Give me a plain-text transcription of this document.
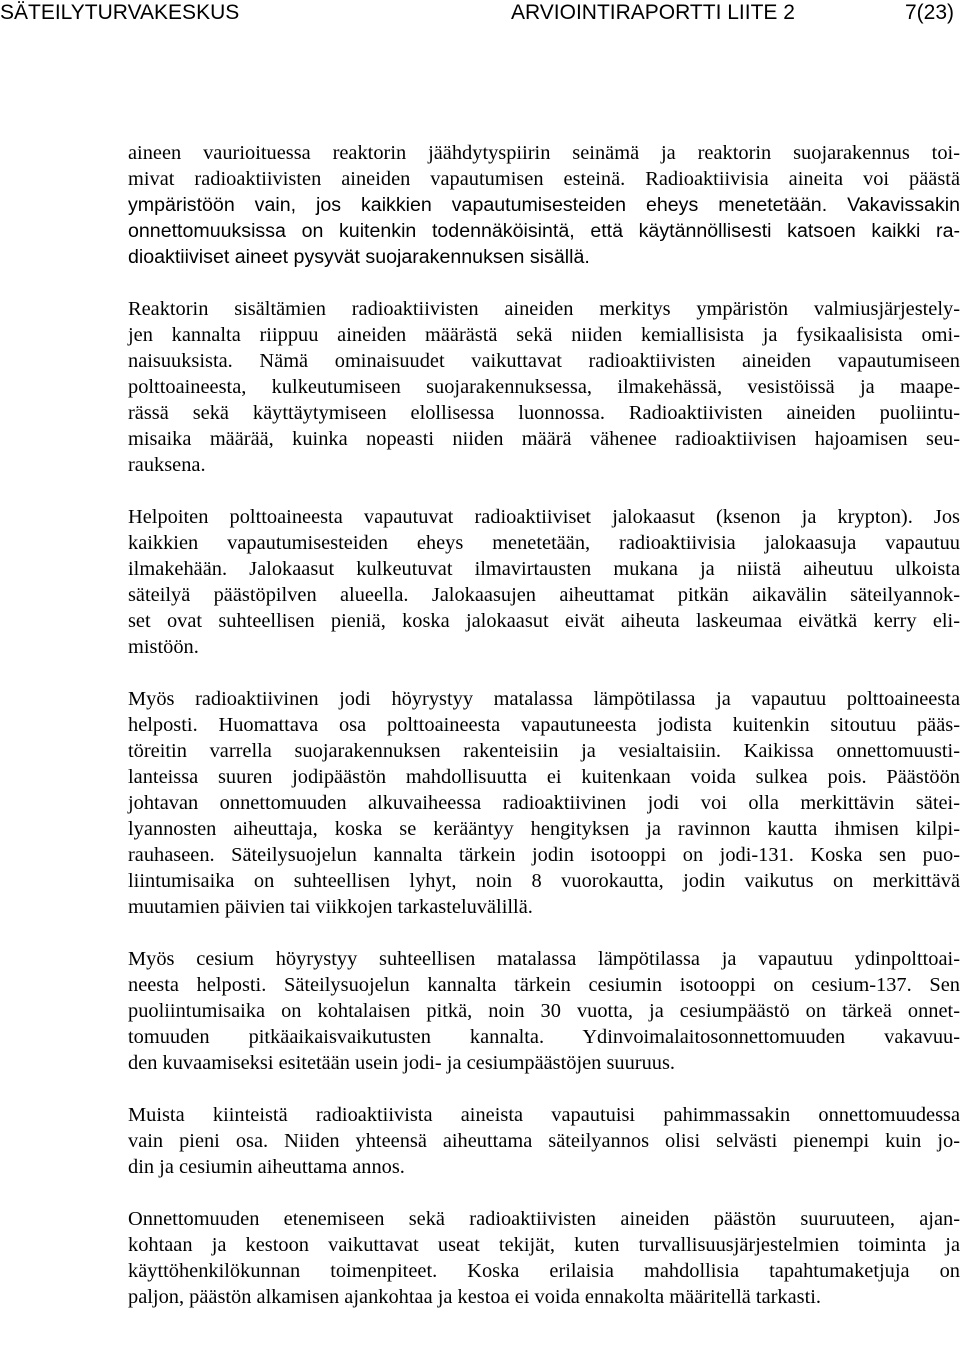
SÄTEILYTURVAKESKUS	ARVIOINTIRAPORTTI LIITE 2	7(23)
aineen vaurioituessa reaktorin jäähdytyspiirin seinämä ja reaktorin suojarakennus toi-
mivat radioaktiivisten aineiden vapautumisen esteinä. Radioaktiivisia aineita voi päästä
ympäristöön vain, jos kaikkien vapautumisesteiden eheys menetetään. Vakavissakin
onnettomuuksissa on kuitenkin todennäköisintä, että käytännöllisesti katsoen kaikki ra-
dioaktiiviset aineet pysyvät suojarakennuksen sisällä.
Reaktorin sisältämien radioaktiivisten aineiden merkitys ympäristön valmiusjärjestely-
jen kannalta riippuu aineiden määrästä sekä niiden kemiallisista ja fysikaalisista omi-
naisuuksista. Nämä ominaisuudet vaikuttavat radioaktiivisten aineiden vapautumiseen
polttoaineesta, kulkeutumiseen suojarakennuksessa, ilmakehässä, vesistöissä ja maape-
rässä sekä käyttäytymiseen elollisessa luonnossa. Radioaktiivisten aineiden puoliintu-
misaika määrää, kuinka nopeasti niiden määrä vähenee radioaktiivisen hajoamisen seu-
rauksena.
Helpoiten polttoaineesta vapautuvat radioaktiiviset jalokaasut (ksenon ja krypton). Jos
kaikkien vapautumisesteiden eheys menetetään, radioaktiivisia jalokaasuja vapautuu
ilmakehään. Jalokaasut kulkeutuvat ilmavirtausten mukana ja niistä aiheutuu ulkoista
säteilyä päästöpilven alueella. Jalokaasujen aiheuttamat pitkän aikavälin säteilyannok-
set ovat suhteellisen pieniä, koska jalokaasut eivät aiheuta laskeumaa eivätkä kerry eli-
mistöön.
Myös radioaktiivinen jodi höyrystyy matalassa lämpötilassa ja vapautuu polttoaineesta
helposti. Huomattava osa polttoaineesta vapautuneesta jodista kuitenkin sitoutuu pääs-
töreitin varrella suojarakennuksen rakenteisiin ja vesialtaisiin. Kaikissa onnettomuusti-
lanteissa suuren jodipäästön mahdollisuutta ei kuitenkaan voida sulkea pois. Päästöön
johtavan onnettomuuden alkuvaiheessa radioaktiivinen jodi voi olla merkittävin sätei-
lyannosten aiheuttaja, koska se kerääntyy hengityksen ja ravinnon kautta ihmisen kilpi-
rauhaseen. Säteilysuojelun kannalta tärkein jodin isotooppi on jodi-131. Koska sen puo-
liintumisaika on suhteellisen lyhyt, noin 8 vuorokautta, jodin vaikutus on merkittävä
muutamien päivien tai viikkojen tarkasteluvälillä.
Myös cesium höyrystyy suhteellisen matalassa lämpötilassa ja vapautuu ydinpolttoai-
neesta helposti. Säteilysuojelun kannalta tärkein cesiumin isotooppi on cesium-137. Sen
puoliintumisaika on kohtalaisen pitkä, noin 30 vuotta, ja cesiumpäästö on tärkeä onnet-
tomuuden pitkäaikaisvaikutusten kannalta. Ydinvoimalaitosonnettomuuden vakavuu-
den kuvaamiseksi esitetään usein jodi- ja cesiumpäästöjen suuruus.
Muista kiinteistä radioaktiivista aineista vapautuisi pahimmassakin onnettomuudessa
vain pieni osa. Niiden yhteensä aiheuttama säteilyannos olisi selvästi pienempi kuin jo-
din ja cesiumin aiheuttama annos.
Onnettomuuden etenemiseen sekä radioaktiivisten aineiden päästön suuruuteen, ajan-
kohtaan ja kestoon vaikuttavat useat tekijät, kuten turvallisuusjärjestelmien toiminta ja
käyttöhenkilökunnan toimenpiteet. Koska erilaisia mahdollisia tapahtumaketjuja on
paljon, päästön alkamisen ajankohtaa ja kestoa ei voida ennakolta määritellä tarkasti.
